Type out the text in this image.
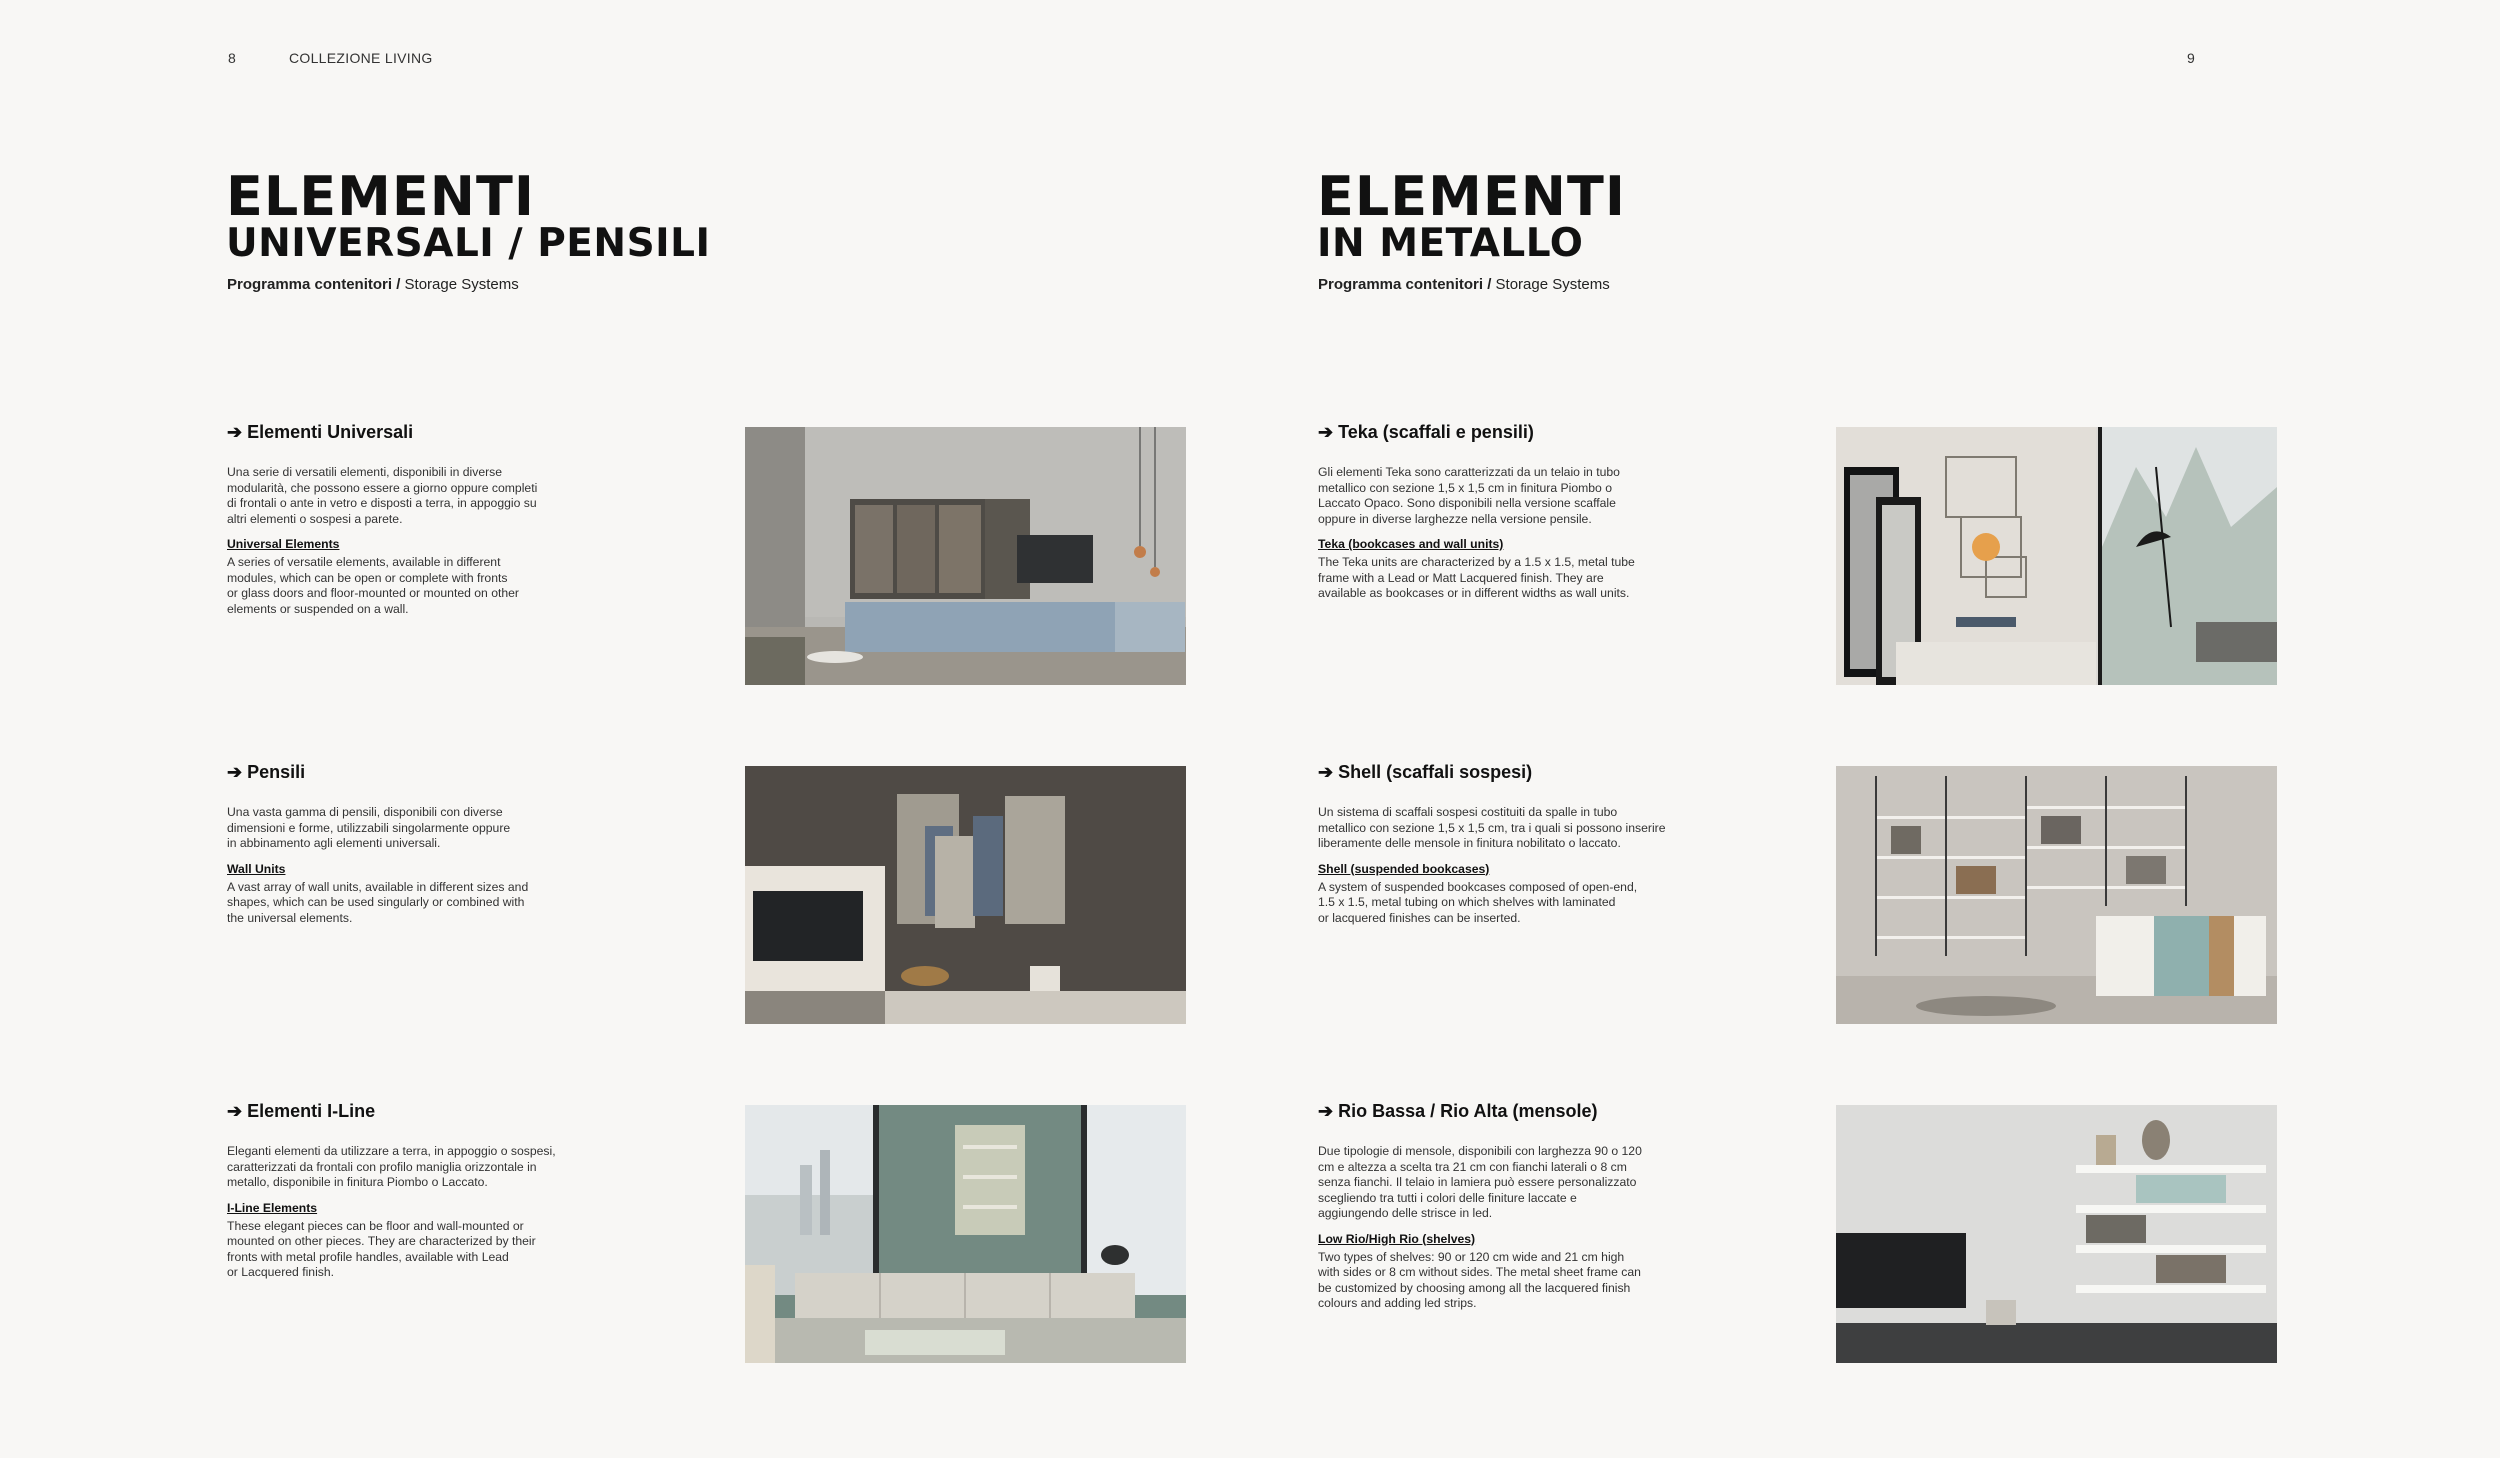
8	COLLEZIONE LIVING	9
ELEMENTI
UNIVERSALI / PENSILI
Programma contenitori / Storage Systems
ELEMENTI
IN METALLO
Programma contenitori / Storage Systems
➔ Elementi Universali

Una serie di versatili elementi, disponibili in diverse
modularità, che possono essere a giorno oppure completi
di frontali o ante in vetro e disposti a terra, in appoggio su
altri elementi o sospesi a parete.

Universal Elements

A series of versatile elements, available in different
modules, which can be open or complete with fronts
or glass doors and floor-mounted or mounted on other
elements or suspended on a wall.

➔ Pensili

Una vasta gamma di pensili, disponibili con diverse
dimensioni e forme, utilizzabili singolarmente oppure
in abbinamento agli elementi universali.

Wall Units

A vast array of wall units, available in different sizes and
shapes, which can be used singularly or combined with
the universal elements.

➔ Elementi I-Line

Eleganti elementi da utilizzare a terra, in appoggio o sospesi,
caratterizzati da frontali con profilo maniglia orizzontale in
metallo, disponibile in finitura Piombo o Laccato.

I-Line Elements

These elegant pieces can be floor and wall-mounted or
mounted on other pieces. They are characterized by their
fronts with metal profile handles, available with Lead
or Lacquered finish.

➔ Teka (scaffali e pensili)

Gli elementi Teka sono caratterizzati da un telaio in tubo
metallico con sezione 1,5 x 1,5 cm in finitura Piombo o
Laccato Opaco. Sono disponibili nella versione scaffale
oppure in diverse larghezze nella versione pensile.

Teka (bookcases and wall units)

The Teka units are characterized by a 1.5 x 1.5, metal tube
frame with a Lead or Matt Lacquered finish. They are
available as bookcases or in different widths as wall units.

➔ Shell (scaffali sospesi)

Un sistema di scaffali sospesi costituiti da spalle in tubo
metallico con sezione 1,5 x 1,5 cm, tra i quali si possono inserire
liberamente delle mensole in finitura nobilitato o laccato.

Shell (suspended bookcases)

A system of suspended bookcases composed of open-end,
1.5 x 1.5, metal tubing on which shelves with laminated
or lacquered finishes can be inserted.

➔ Rio Bassa / Rio Alta (mensole)

Due tipologie di mensole, disponibili con larghezza 90 o 120
cm e altezza a scelta tra 21 cm con fianchi laterali o 8 cm
senza fianchi. Il telaio in lamiera può essere personalizzato
scegliendo tra tutti i colori delle finiture laccate e
aggiungendo delle strisce in led.

Low Rio/High Rio (shelves)

Two types of shelves: 90 or 120 cm wide and 21 cm high
with sides or 8 cm without sides. The metal sheet frame can
be customized by choosing among all the lacquered finish
colours and adding led strips.
